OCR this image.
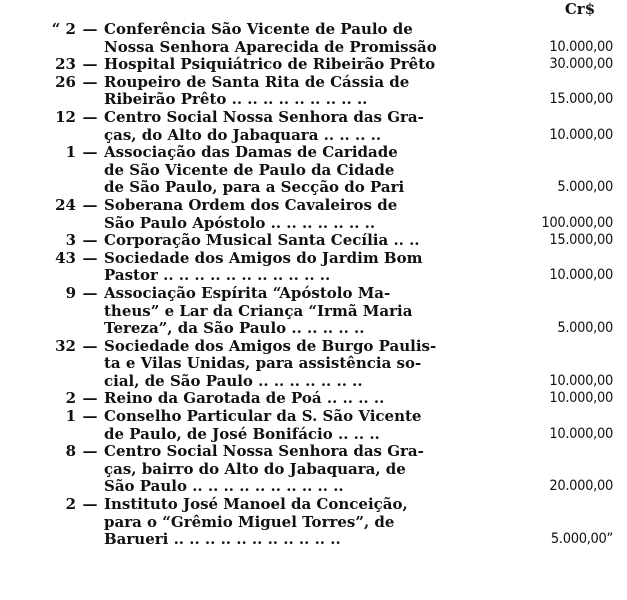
Cr$
“ 2 — Conferência São Vicente de Paulo de
Nossa Senhora Aparecida de Promissão	10.000,00
23 — Hospital Psiquiátrico de Ribeirão Prêto	30.000,00
26 — Roupeiro de Santa Rita de Cássia de
Ribeirão Prêto .. .. .. .. .. .. .. .. ..	15.000,00
12 — Centro Social Nossa Senhora das Gra-
ças, do Alto do Jabaquara .. .. .. ..	10.000,00
1 — Associação das Damas de Caridade
de São Vicente de Paulo da Cidade
de São Paulo, para a Secção do Pari	5.000,00
24 — Soberana Ordem dos Cavaleiros de
São Paulo Apóstolo .. .. .. .. .. .. ..	100.000,00
3 — Corporação Musical Santa Cecília .. ..	15.000,00
43 — Sociedade dos Amigos do Jardim Bom
Pastor .. .. .. .. .. .. .. .. .. .. ..	10.000,00
9 — Associação Espírita “Apóstolo Ma-
theus” e Lar da Criança “Irmã Maria
Tereza”, da São Paulo .. .. .. .. ..	5.000,00
32 — Sociedade dos Amigos de Burgo Paulis-
ta e Vilas Unidas, para assistência so-
cial, de São Paulo .. .. .. .. .. .. ..	10.000,00
2 — Reino da Garotada de Poá .. .. .. ..	10.000,00
1 — Conselho Particular da S. São Vicente
de Paulo, de José Bonifácio .. .. ..	10.000,00
8 — Centro Social Nossa Senhora das Gra-
ças, bairro do Alto do Jabaquara, de
São Paulo .. .. .. .. .. .. .. .. .. ..	20.000,00
2 — Instituto José Manoel da Conceição,
para o “Grêmio Miguel Torres”, de
Barueri .. .. .. .. .. .. .. .. .. .. ..	5.000,00”
